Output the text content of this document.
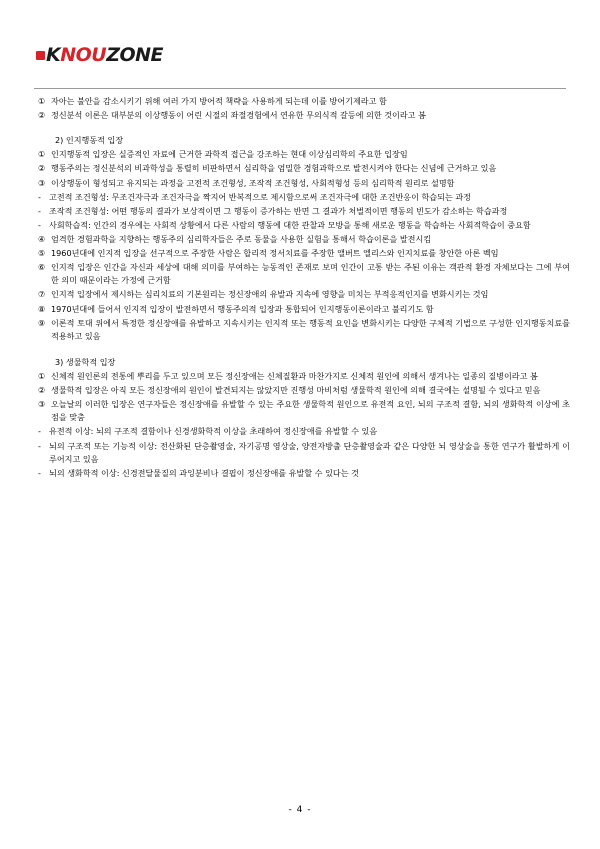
KNOUZONE
① 자아는 불안을 감소시키기 위해 여러 가지 방어적 책략을 사용하게 되는데 이를 방어기제라고 함
② 정신분석 이론은 대부분의 이상행동이 어린 시절의 좌절경험에서 연유한 무의식적 갈등에 의한 것이라고 봄
2) 인지행동적 입장
① 인지행동적 입장은 실증적인 자료에 근거한 과학적 접근을 강조하는 현대 이상심리학의 주요한 입장임
② 행동주의는 정신분석의 비과학성을 통렬히 비판하면서 심리학을 엄밀한 경험과학으로 발전시켜야 한다는 신념에 근거하고 있음
③ 이상행동이 형성되고 유지되는 과정을 고전적 조건형성, 조작적 조건형성, 사회적형성 등의 심리학적 원리로 설명함
- 고전적 조건형성: 무조건자극과 조건자극을 짝지어 반복적으로 제시함으로써 조건자극에 대한 조건반응이 학습되는 과정
- 조작적 조건형성: 어떤 행동의 결과가 보상적이면 그 행동이 증가하는 반면 그 결과가 처벌적이면 행동의 빈도가 감소하는 학습과정
- 사회학습적: 인간의 경우에는 사회적 상황에서 다른 사람의 행동에 대한 관찰과 모방을 통해 새로운 행동을 학습하는 사회적학습이 중요함
④ 엄격한 경험과학을 지향하는 행동주의 심리학자들은 주로 동물을 사용한 실험을 통해서 학습이론을 발전시킴
⑤ 1960년대에 인지적 입장을 선구적으로 주장한 사람은 합리적 정서치료를 주장한 앨버트 엘리스와 인지치료를 창안한 아론 벡임
⑥ 인지적 입장은 인간을 자신과 세상에 대해 의미를 부여하는 능동적인 존재로 보며 인간이 고통 받는 주된 이유는 객관적 환경 자체보다는 그에 부여한 의미 때문이라는 가정에 근거함
⑦ 인지적 입장에서 제시하는 심리치료의 기본원리는 정신장애의 유발과 지속에 영향을 미치는 부적응적인지를 변화시키는 것임
⑧ 1970년대에 들어서 인지적 입장이 발전하면서 행동주의적 입장과 통합되어 인지행동이론이라고 불리기도 함
⑨ 이론적 토대 위에서 특정한 정신장애를 유발하고 지속시키는 인지적 또는 행동적 요인을 변화시키는 다양한 구체적 기법으로 구성한 인지행동치료를 적용하고 있음
3) 생물학적 입장
① 신체적 원인론의 전통에 뿌리를 두고 있으며 모든 정신장애는 신체질환과 마찬가지로 신체적 원인에 의해서 생겨나는 일종의 질병이라고 봄
② 생물학적 입장은 아직 모든 정신장애의 원인이 발견되지는 않았지만 진행성 마비처럼 생물학적 원인에 의해 결국에는 설명될 수 있다고 믿음
③ 오늘날의 이러한 입장은 연구자들은 정신장애를 유발할 수 있는 주요한 생물학적 원인으로 유전적 요인, 뇌의 구조적 결함, 뇌의 생화학적 이상에 초점을 맞춤
- 유전적 이상: 뇌의 구조적 결함이나 신경생화학적 이상을 초래하여 정신장애를 유발할 수 있음
- 뇌의 구조적 또는 기능적 이상: 전산화된 단층촬영술, 자기공명 영상술, 양전자방출 단층촬영술과 같은 다양한 뇌 영상술을 통한 연구가 활발하게 이루어지고 있음
- 뇌의 생화학적 이상: 신경전달물질의 과잉분비나 결핍이 정신장애를 유발할 수 있다는 것
- 4 -
